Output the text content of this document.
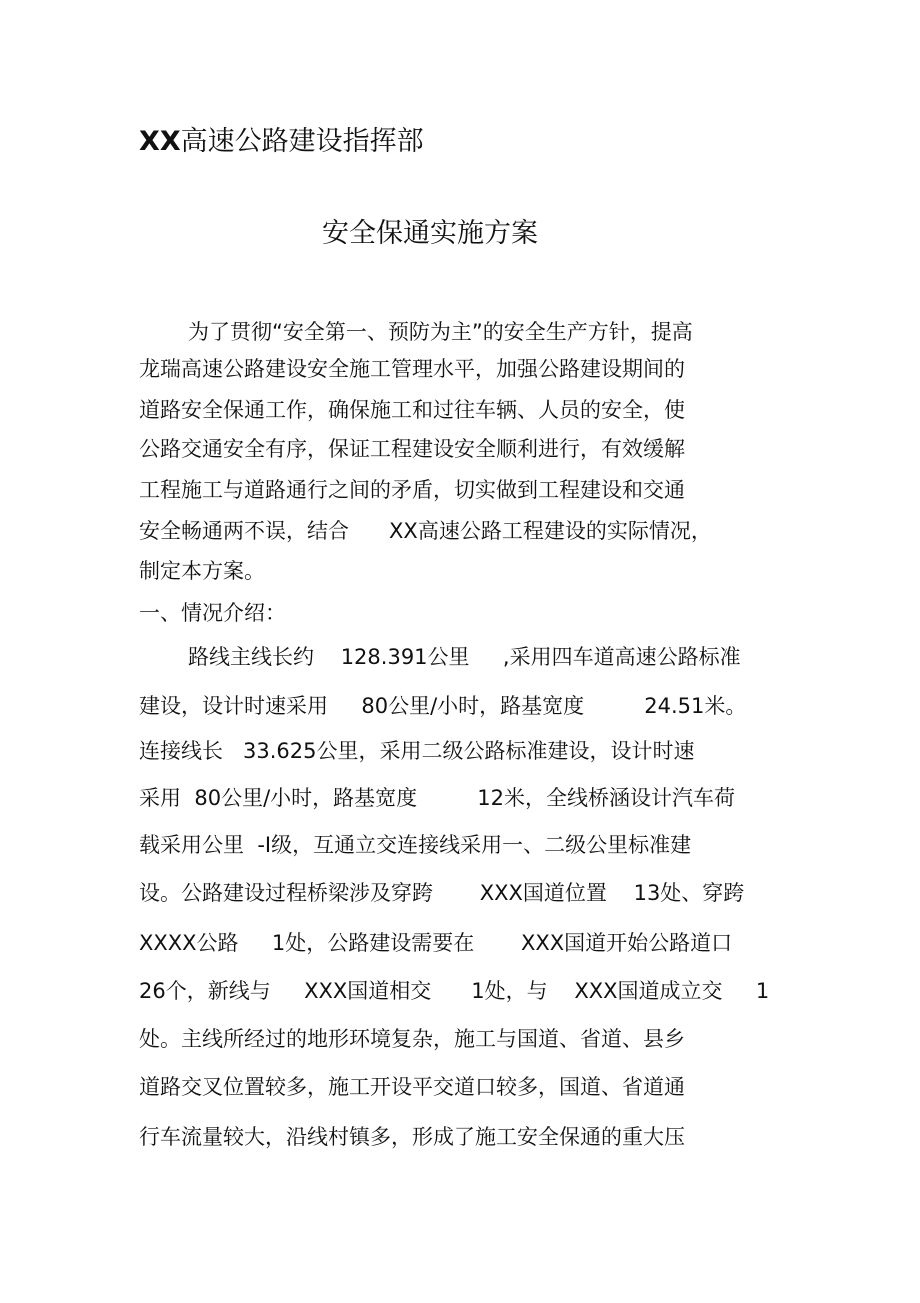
XX高速公路建设指挥部
安全保通实施方案

为了贯彻“安全第一、预防为主”的安全生产方针，提高

龙瑞高速公路建设安全施工管理水平，加强公路建设期间的

道路安全保通工作，确保施工和过往车辆、人员的安全，使

公路交通安全有序，保证工程建设安全顺利进行，有效缓解

工程施工与道路通行之间的矛盾，切实做到工程建设和交通

安全畅通两不误，结合      XX高速公路工程建设的实际情况，

制定本方案。

一、情况介绍：

路线主线长约    128.391公里     ,采用四车道高速公路标准

建设，设计时速采用     80公里/小时，路基宽度         24.51米。

连接线长   33.625公里，采用二级公路标准建设，设计时速

采用  80公里/小时，路基宽度         12米，全线桥涵设计汽车荷

载采用公里  -Ⅰ级，互通立交连接线采用一、二级公里标准建

设。公路建设过程桥梁涉及穿跨       XXX国道位置    13处、穿跨

XXXX公路     1处，公路建设需要在       XXX国道开始公路道口

26个，新线与     XXX国道相交      1处，与    XXX国道成立交     1

处。主线所经过的地形环境复杂，施工与国道、省道、县乡

道路交叉位置较多，施工开设平交道口较多，国道、省道通

行车流量较大，沿线村镇多，形成了施工安全保通的重大压
